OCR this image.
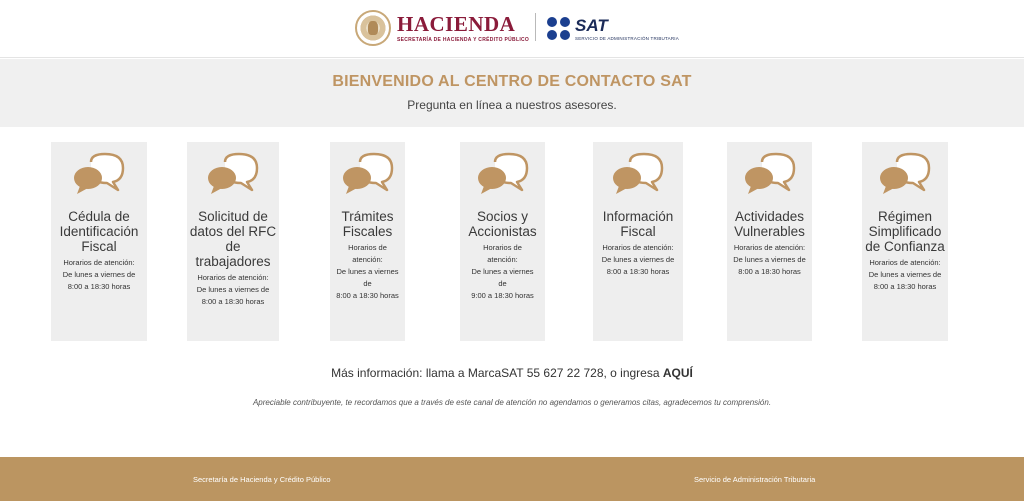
HACIENDA
SECRETARÍA DE HACIENDA Y CRÉDITO PÚBLICO
SAT
SERVICIO DE ADMINISTRACIÓN TRIBUTARIA
BIENVENIDO AL CENTRO DE CONTACTO SAT
Pregunta en línea a nuestros asesores.
Cédula de Identificación Fiscal
Horarios de atención:
De lunes a viernes de
8:00 a 18:30 horas
Solicitud de datos del RFC de trabajadores
Horarios de atención:
De lunes a viernes de
8:00 a 18:30 horas
Trámites Fiscales
Horarios de
atención:
De lunes a viernes
de
8:00 a 18:30 horas
Socios y Accionistas
Horarios de
atención:
De lunes a viernes
de
9:00 a 18:30 horas
Información Fiscal
Horarios de atención:
De lunes a viernes de
8:00 a 18:30 horas
Actividades Vulnerables
Horarios de atención:
De lunes a viernes de
8:00 a 18:30 horas
Régimen Simplificado de Confianza
Horarios de atención:
De lunes a viernes de
8:00 a 18:30 horas
Más información: llama a MarcaSAT 55 627 22 728, o ingresa AQUÍ
Apreciable contribuyente, te recordamos que a través de este canal de atención no agendamos o generamos citas, agradecemos tu comprensión.
Secretaría de Hacienda y Crédito Público	Servicio de Administración Tributaria
